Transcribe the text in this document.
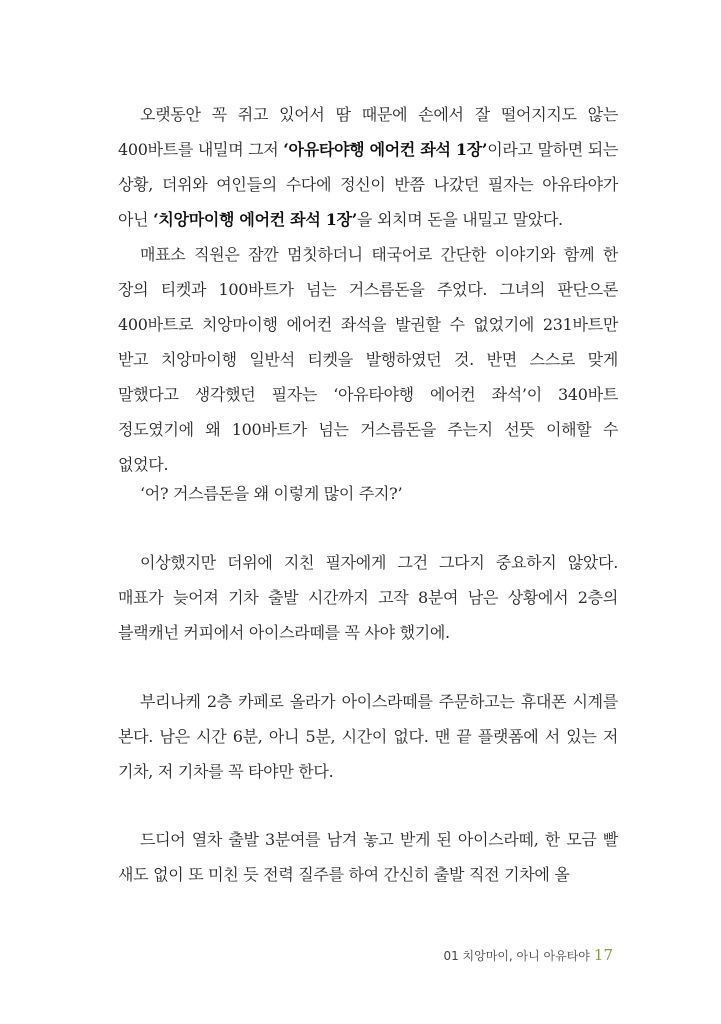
오랫동안 꼭 쥐고 있어서 땀 때문에 손에서 잘 떨어지지도 않는 400바트를 내밀며 그저 ‘아유타야행 에어컨 좌석 1장’이라고 말하면 되는 상황, 더위와 여인들의 수다에 정신이 반쯤 나갔던 필자는 아유타야가 아닌 ‘치앙마이행 에어컨 좌석 1장’을 외치며 돈을 내밀고 말았다.

매표소 직원은 잠깐 멈칫하더니 태국어로 간단한 이야기와 함께 한 장의 티켓과 100바트가 넘는 거스름돈을 주었다. 그녀의 판단으론 400바트로 치앙마이행 에어컨 좌석을 발권할 수 없었기에 231바트만 받고 치앙마이행 일반석 티켓을 발행하였던 것. 반면 스스로 맞게 말했다고 생각했던 필자는 ‘아유타야행 에어컨 좌석’이 340바트 정도였기에 왜 100바트가 넘는 거스름돈을 주는지 선뜻 이해할 수 없었다.

‘어? 거스름돈을 왜 이렇게 많이 주지?’

이상했지만 더위에 지친 필자에게 그건 그다지 중요하지 않았다. 매표가 늦어져 기차 출발 시간까지 고작 8분여 남은 상황에서 2층의 블랙캐넌 커피에서 아이스라떼를 꼭 사야 했기에.

부리나케 2층 카페로 올라가 아이스라떼를 주문하고는 휴대폰 시계를 본다. 남은 시간 6분, 아니 5분, 시간이 없다. 맨 끝 플랫폼에 서 있는 저 기차, 저 기차를 꼭 타야만 한다.

드디어 열차 출발 3분여를 남겨 놓고 받게 된 아이스라떼, 한 모금 빨 새도 없이 또 미친 듯 전력 질주를 하여 간신히 출발 직전 기차에 올

01 치앙마이, 아니 아유타야 17
